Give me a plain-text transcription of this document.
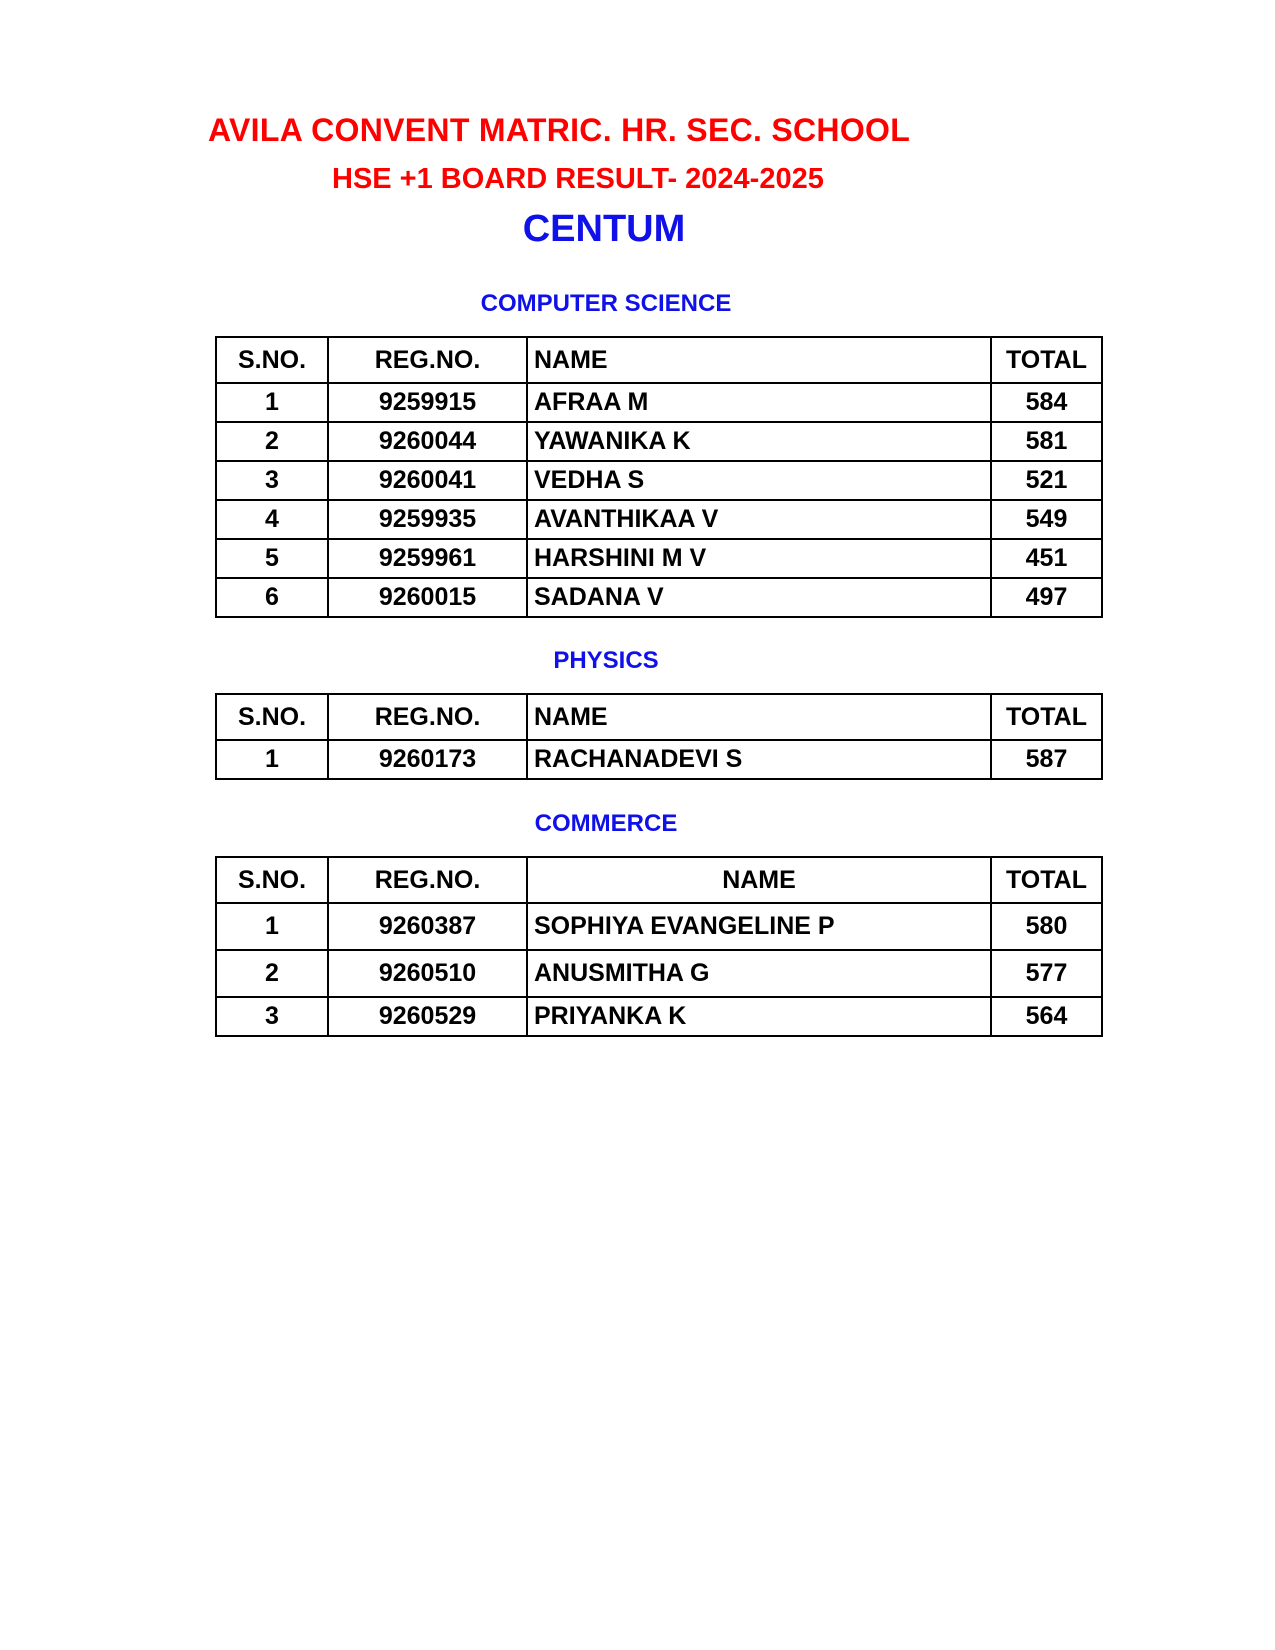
AVILA CONVENT MATRIC. HR. SEC. SCHOOL
HSE +1 BOARD RESULT- 2024-2025
CENTUM
COMPUTER SCIENCE
S.NO.	REG.NO.	NAME	TOTAL
1	9259915	AFRAA M	584
2	9260044	YAWANIKA K	581
3	9260041	VEDHA S	521
4	9259935	AVANTHIKAA V	549
5	9259961	HARSHINI M V	451
6	9260015	SADANA V	497
PHYSICS
S.NO.	REG.NO.	NAME	TOTAL
1	9260173	RACHANADEVI S	587
COMMERCE
S.NO.	REG.NO.	NAME	TOTAL
1	9260387	SOPHIYA EVANGELINE P	580
2	9260510	ANUSMITHA G	577
3	9260529	PRIYANKA K	564
